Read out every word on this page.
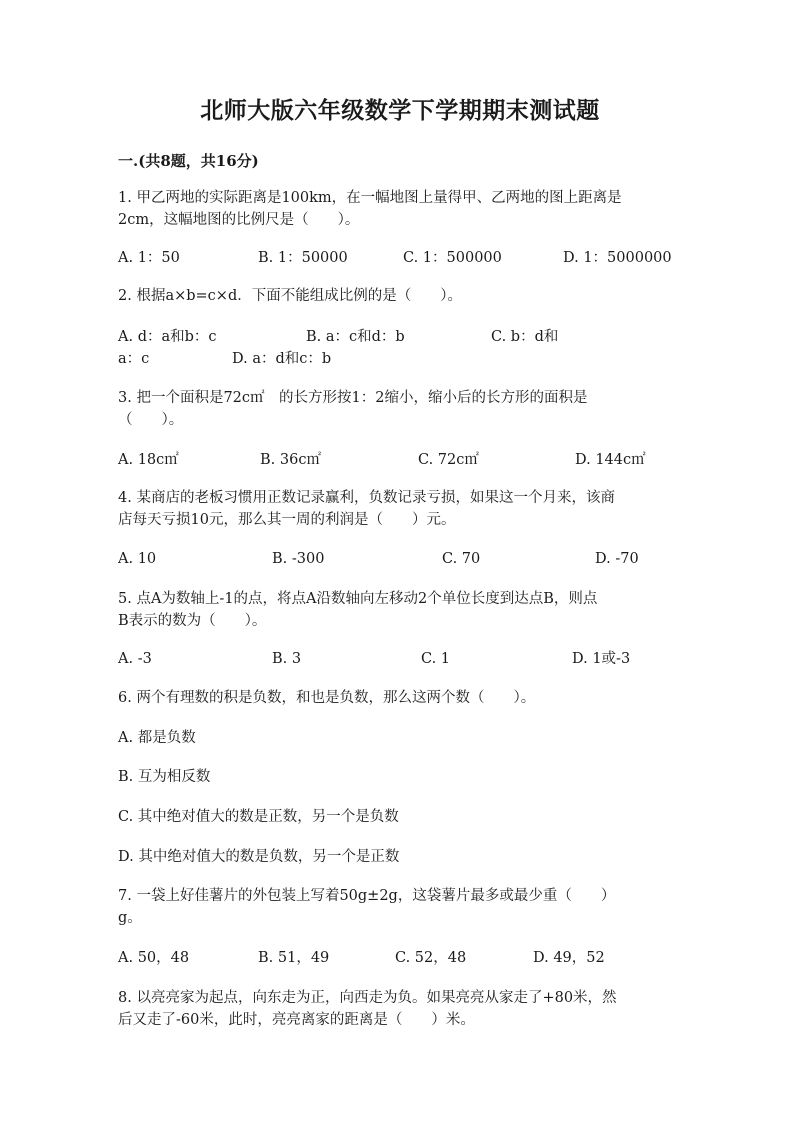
北师大版六年级数学下学期期末测试题
一.(共8题，共16分)
1. 甲乙两地的实际距离是100km，在一幅地图上量得甲、乙两地的图上距离是
2cm，这幅地图的比例尺是（　　）。
A. 1：50	B. 1：50000	C. 1：500000	D. 1：5000000
2. 根据a×b=c×d．下面不能组成比例的是（　　）。
A. d：a和b：c	B. a：c和d：b	C. b：d和
a：c	D. a：d和c：b
3. 把一个面积是72c㎡　的长方形按1：2缩小，缩小后的长方形的面积是
（　　）。
A. 18c㎡	B. 36c㎡	C. 72c㎡	D. 144c㎡
4. 某商店的老板习惯用正数记录赢利，负数记录亏损，如果这一个月来，该商
店每天亏损10元，那么其一周的利润是（　　）元。
A. 10	B. -300	C. 70	D. -70
5. 点A为数轴上-1的点，将点A沿数轴向左移动2个单位长度到达点B，则点
B表示的数为（　　）。
A. -3	B. 3	C. 1	D. 1或-3
6. 两个有理数的积是负数，和也是负数，那么这两个数（　　）。
A. 都是负数
B. 互为相反数
C. 其中绝对值大的数是正数，另一个是负数
D. 其中绝对值大的数是负数，另一个是正数
7. 一袋上好佳薯片的外包装上写着50g±2g，这袋薯片最多或最少重（　　）
g。
A. 50，48	B. 51，49	C. 52，48	D. 49，52
8. 以亮亮家为起点，向东走为正，向西走为负。如果亮亮从家走了+80米，然
后又走了-60米，此时，亮亮离家的距离是（　　）米。
